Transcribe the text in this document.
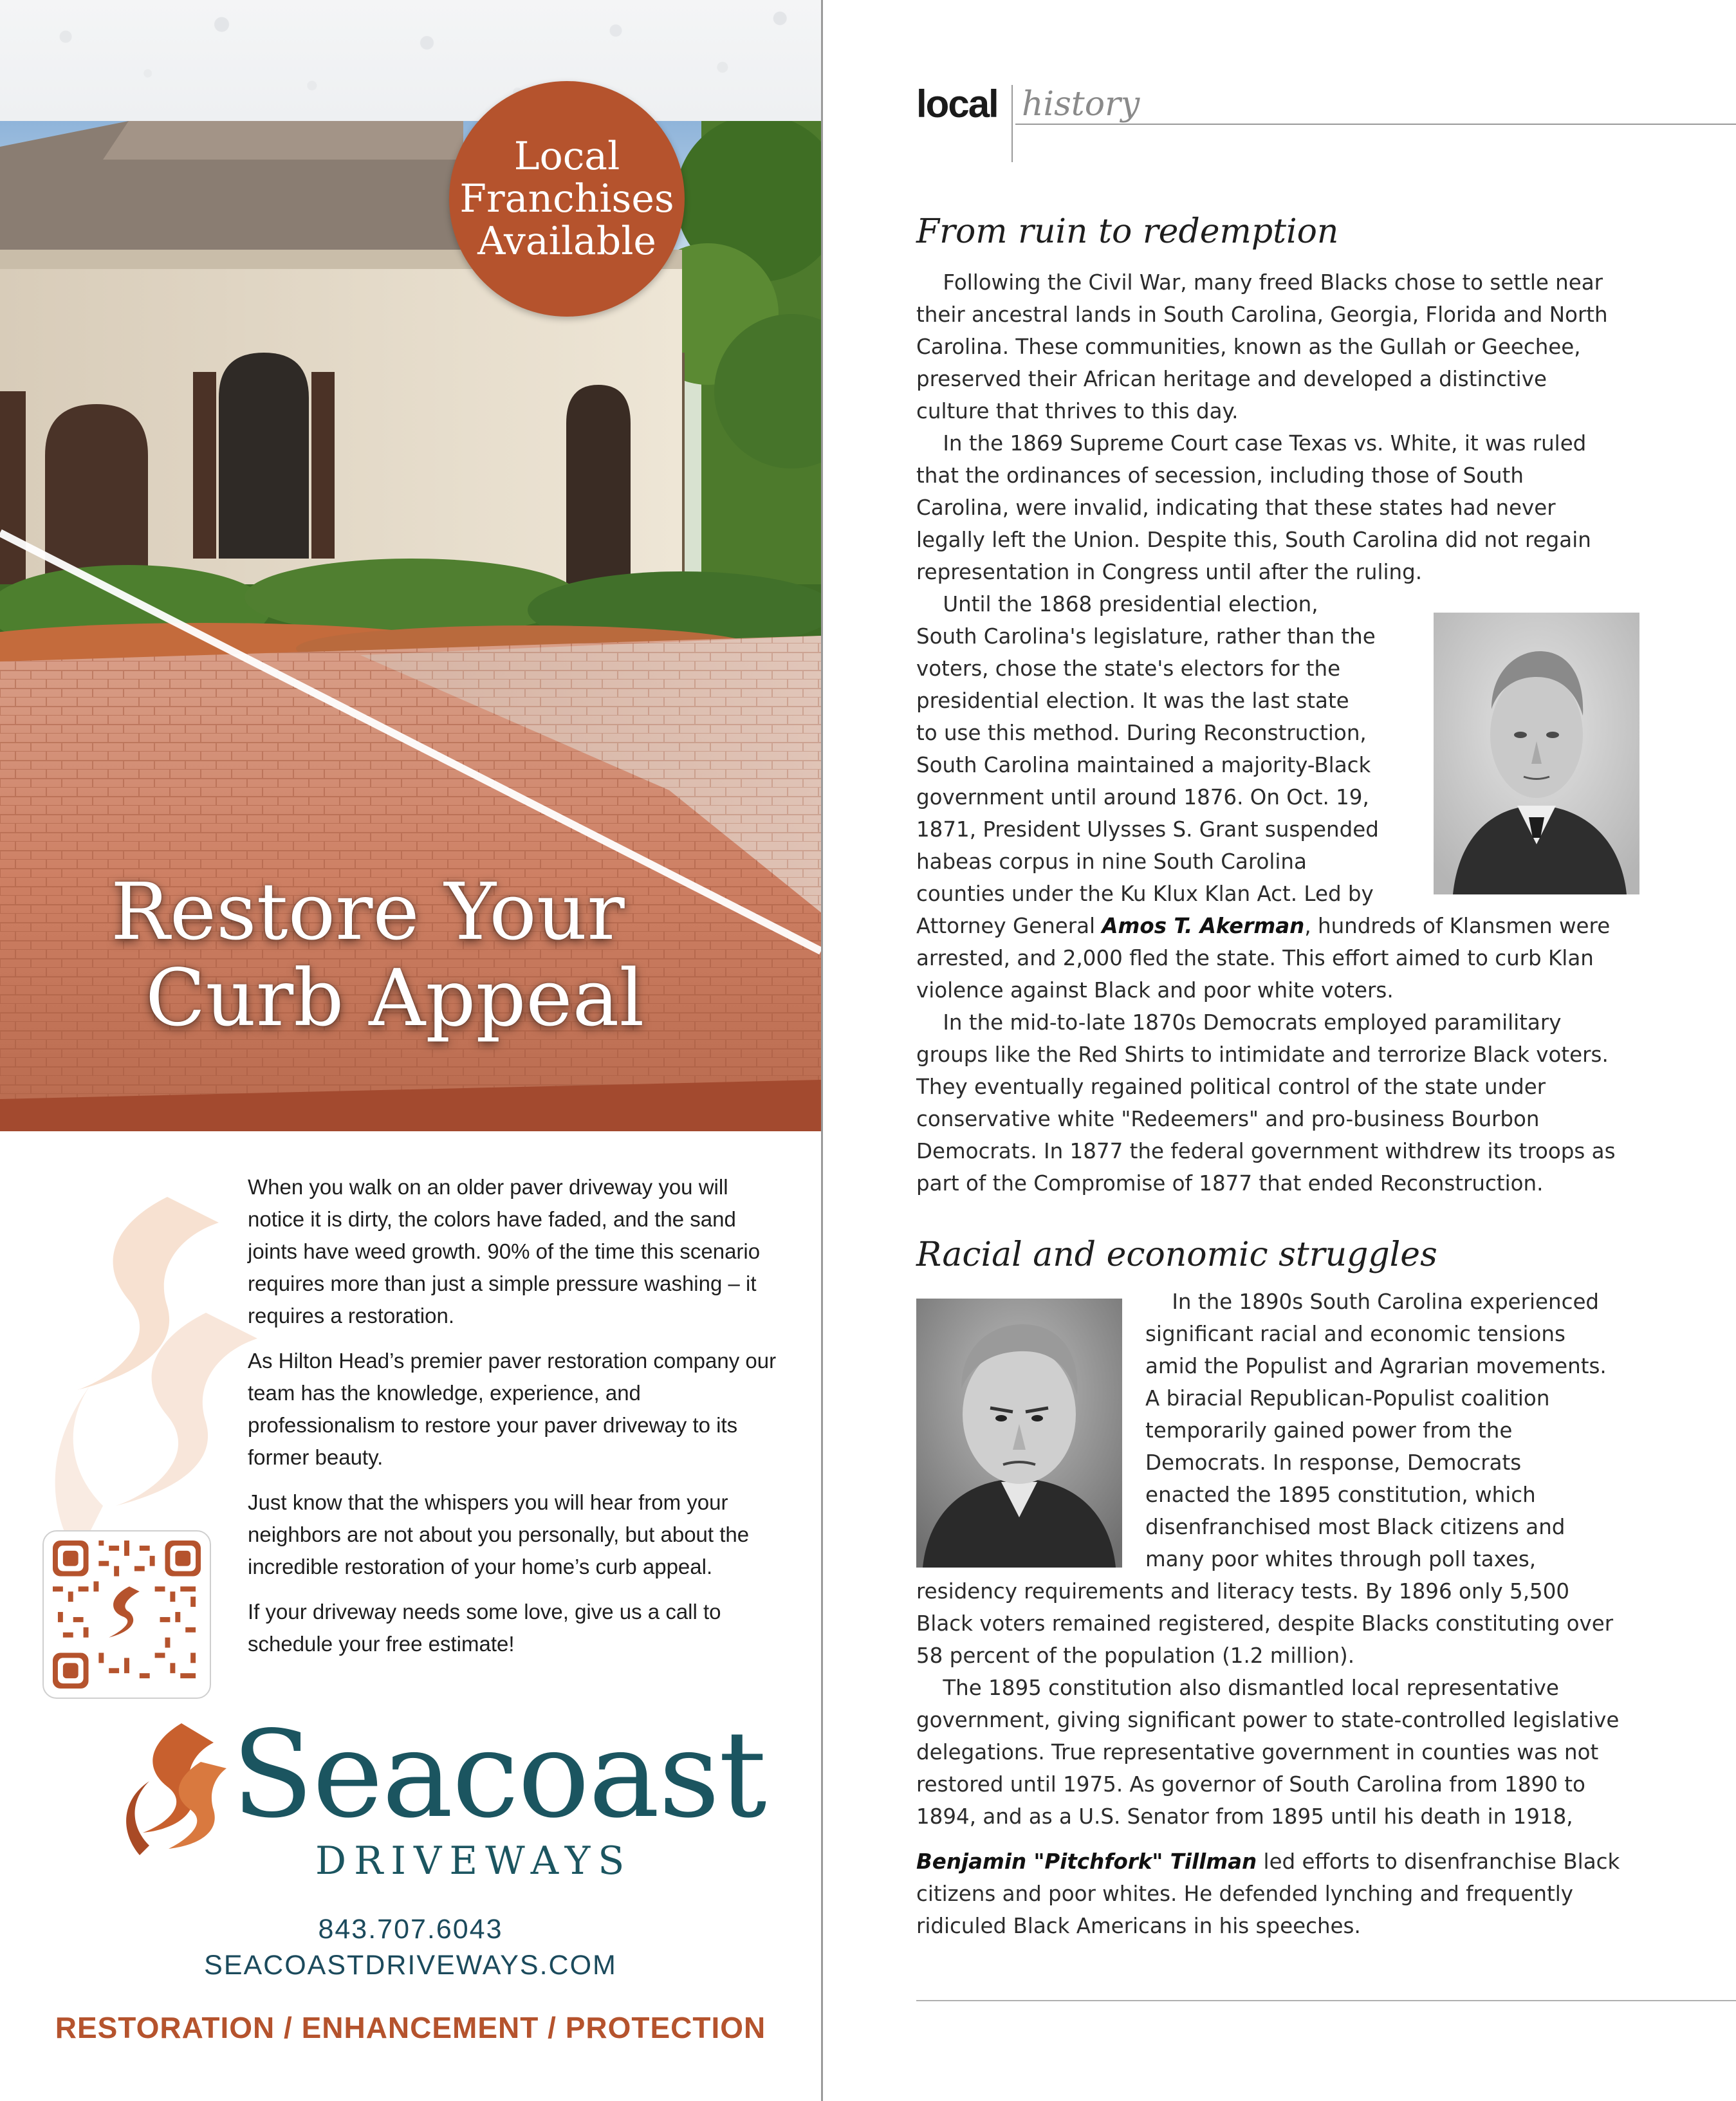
Local
Franchises
Available
Restore Your
Curb Appeal

When you walk on an older paver driveway you will notice it is dirty, the colors have faded, and the sand joints have weed growth. 90% of the time this scenario requires more than just a simple pressure washing – it requires a restoration.

As Hilton Head’s premier paver restoration company our team has the knowledge, experience, and professionalism to restore your paver driveway to its former beauty.

Just know that the whispers you will hear from your neighbors are not about you personally, but about the incredible restoration of your home’s curb appeal.

If your driveway needs some love, give us a call to schedule your free estimate!

Seacoast
DRIVEWAYS
843.707.6043
SEACOASTDRIVEWAYS.COM
RESTORATION / ENHANCEMENT / PROTECTION
local history
From ruin to redemption
Following the Civil War, many freed Blacks chose to settle near
their ancestral lands in South Carolina, Georgia, Florida and North
Carolina. These communities, known as the Gullah or Geechee,
preserved their African heritage and developed a distinctive
culture that thrives to this day.
In the 1869 Supreme Court case Texas vs. White, it was ruled
that the ordinances of secession, including those of South
Carolina, were invalid, indicating that these states had never
legally left the Union. Despite this, South Carolina did not regain
representation in Congress until after the ruling.
Until the 1868 presidential election,
South Carolina's legislature, rather than the
voters, chose the state's electors for the
presidential election. It was the last state
to use this method. During Reconstruction,
South Carolina maintained a majority-Black
government until around 1876. On Oct. 19,
1871, President Ulysses S. Grant suspended
habeas corpus in nine South Carolina
counties under the Ku Klux Klan Act. Led by
Attorney General Amos T. Akerman, hundreds of Klansmen were
arrested, and 2,000 fled the state. This effort aimed to curb Klan
violence against Black and poor white voters.
In the mid-to-late 1870s Democrats employed paramilitary
groups like the Red Shirts to intimidate and terrorize Black voters.
They eventually regained political control of the state under
conservative white "Redeemers" and pro-business Bourbon
Democrats. In 1877 the federal government withdrew its troops as
part of the Compromise of 1877 that ended Reconstruction.
Racial and economic struggles
In the 1890s South Carolina experienced
significant racial and economic tensions
amid the Populist and Agrarian movements.
A biracial Republican-Populist coalition
temporarily gained power from the
Democrats. In response, Democrats
enacted the 1895 constitution, which
disenfranchised most Black citizens and
many poor whites through poll taxes,
residency requirements and literacy tests. By 1896 only 5,500
Black voters remained registered, despite Blacks constituting over
58 percent of the population (1.2 million).
The 1895 constitution also dismantled local representative
government, giving significant power to state-controlled legislative
delegations. True representative government in counties was not
restored until 1975. As governor of South Carolina from 1890 to
1894, and as a U.S. Senator from 1895 until his death in 1918,
Benjamin "Pitchfork" Tillman led efforts to disenfranchise Black
citizens and poor whites. He defended lynching and frequently
ridiculed Black Americans in his speeches.
